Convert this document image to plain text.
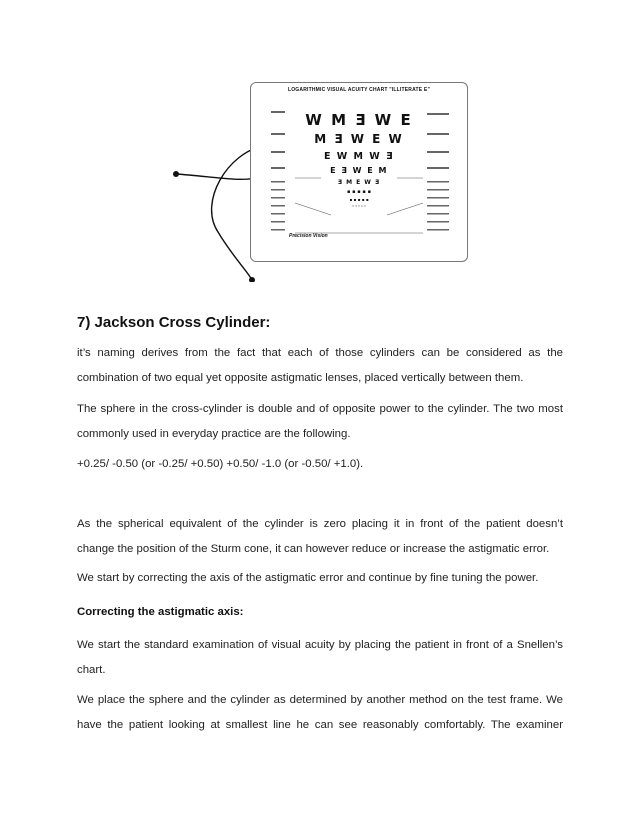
LOGARITHMIC VISUAL ACUITY CHART "ILLITERATE E"
W M Ǝ W E
M Ǝ W E W
E W M W Ǝ
E Ǝ W E M
Ǝ M E W Ǝ
▪ ▪ ▪ ▪ ▪
▪ ▪ ▪ ▪ ▪
• • • • •
Precision Vision
7) Jackson Cross Cylinder:
it’s naming derives from the fact that each of those cylinders can be considered as the
combination of two equal yet opposite astigmatic lenses, placed vertically between them.
The sphere in the cross-cylinder is double and of opposite power to the cylinder. The two most
commonly used in everyday practice are the following.
+0.25/ -0.50 (or -0.25/ +0.50) +0.50/ -1.0 (or -0.50/ +1.0).
As the spherical equivalent of the cylinder is zero placing it in front of the patient doesn’t
change the position of the Sturm cone, it can however reduce or increase the astigmatic error.
We start by correcting the axis of the astigmatic error and continue by fine tuning the power.
Correcting the astigmatic axis:
We start the standard examination of visual acuity by placing the patient in front of a Snellen’s
chart.
We place the sphere and the cylinder as determined by another method on the test frame. We
have the patient looking at smallest line he can see reasonably comfortably. The examiner
